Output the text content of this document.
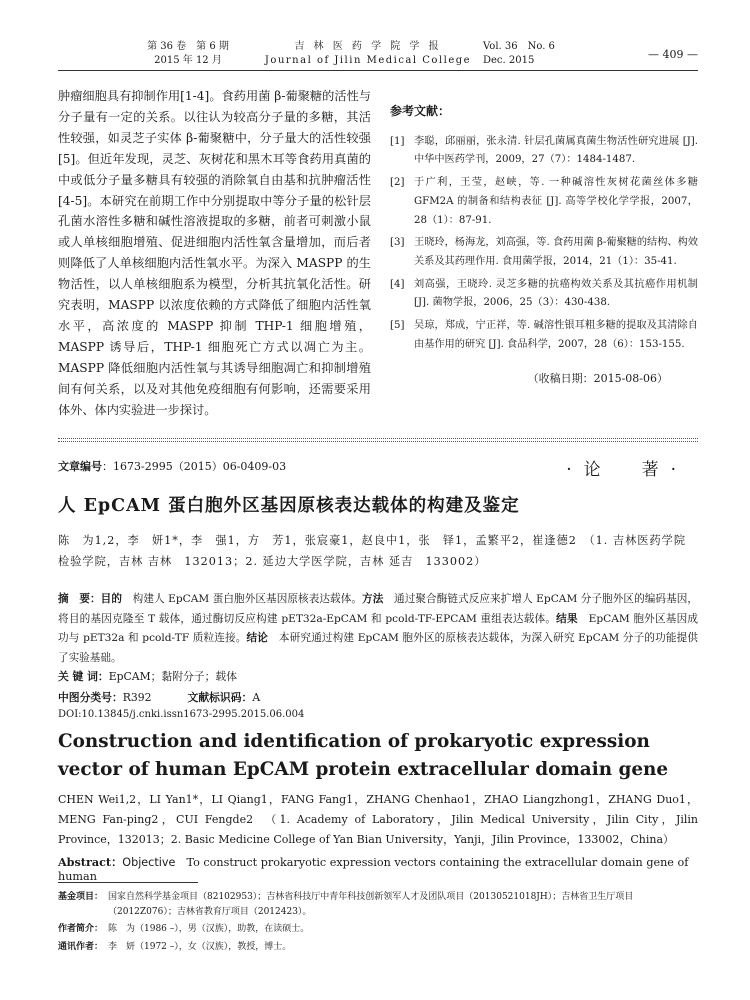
第 36 卷　第 6 期
2015 年 12 月
吉 林 医 药 学 院 学 报
Journal of Jilin Medical College
Vol. 36　No. 6
Dec. 2015	— 409 —

肿瘤细胞具有抑制作用[1-4]。食药用菌 β-葡聚糖的活性与分子量有一定的关系。以往认为较高分子量的多糖，其活性较强，如灵芝子实体 β-葡聚糖中，分子量大的活性较强[5]。但近年发现，灵芝、灰树花和黑木耳等食药用真菌的中或低分子量多糖具有较强的消除氧自由基和抗肿瘤活性[4-5]。本研究在前期工作中分别提取中等分子量的松针层孔菌水溶性多糖和碱性溶液提取的多糖，前者可刺激小鼠或人单核细胞增殖、促进细胞内活性氧含量增加，而后者则降低了人单核细胞内活性氧水平。为深入 MASPP 的生物活性，以人单核细胞系为模型，分析其抗氧化活性。研究表明，MASPP 以浓度依赖的方式降低了细胞内活性氧水平，高浓度的 MASPP 抑制 THP-1 细胞增殖，MASPP 诱导后，THP-1 细胞死亡方式以凋亡为主。MASPP 降低细胞内活性氧与其诱导细胞凋亡和抑制增殖间有何关系，以及对其他免疫细胞有何影响，还需要采用体外、体内实验进一步探讨。

参考文献：
[1] 李聪，邱丽丽，张永清. 针层孔菌属真菌生物活性研究进展 [J]. 中华中医药学刊，2009，27（7）：1484-1487.
[2] 于广利，王莹，赵峡，等. 一种碱溶性灰树花菌丝体多糖 GFM2A 的制备和结构表征 [J]. 高等学校化学学报，2007，28（1）：87-91.
[3] 王晓玲，杨海龙，刘高强，等. 食药用菌 β-葡聚糖的结构、构效关系及其药理作用. 食用菌学报，2014，21（1）：35-41.
[4] 刘高强，王晓玲. 灵芝多糖的抗癌构效关系及其抗癌作用机制 [J]. 菌物学报，2006，25（3）：430-438.
[5] 吴琼，郑成，宁正祥，等. 碱溶性银耳粗多糖的提取及其清除自由基作用的研究 [J]. 食品科学，2007，28（6）：153-155.
（收稿日期：2015-08-06）
文章编号：1673-2995（2015）06-0409-03	·论　著·
人 EpCAM 蛋白胞外区基因原核表达载体的构建及鉴定
陈　为1,2，李　妍1*，李　强1，方　芳1，张宸豪1，赵良中1，张　铎1，孟繁平2，崔逢德2　（1. 吉林医药学院检验学院，吉林 吉林　132013；2. 延边大学医学院，吉林 延吉　133002）
摘　要：目的　构建人 EpCAM 蛋白胞外区基因原核表达载体。方法　通过聚合酶链式反应来扩增人 EpCAM 分子胞外区的编码基因，将目的基因克隆至 T 载体，通过酶切反应构建 pET32a-EpCAM 和 pcold-TF-EPCAM 重组表达载体。结果　EpCAM 胞外区基因成功与 pET32a 和 pcold-TF 质粒连接。结论　本研究通过构建 EpCAM 胞外区的原核表达载体，为深入研究 EpCAM 分子的功能提供了实验基础。
关 键 词：EpCAM；黏附分子；载体
中图分类号：R392	文献标识码：A
DOI:10.13845/j.cnki.issn1673-2995.2015.06.004
Construction and identification of prokaryotic expression vector of human EpCAM protein extracellular domain gene
CHEN Wei1,2，LI Yan1*，LI Qiang1，FANG Fang1，ZHANG Chenhao1，ZHAO Liangzhong1，ZHANG Duo1，MENG Fan-ping2，CUI Fengde2　（1. Academy of Laboratory，Jilin Medical University，Jilin City，Jilin Province，132013；2. Basic Medicine College of Yan Bian University，Yanji，Jilin Province，133002，China）
Abstract：Objective　To construct prokaryotic expression vectors containing the extracellular domain gene of human
基金项目： 国家自然科学基金项目（82102953）；吉林省科技厅中青年科技创新领军人才及团队项目（20130521018JH）；吉林省卫生厅项目（2012Z076）；吉林省教育厅项目（2012423）。
作者简介： 陈　为（1986 –），男（汉族），助教，在读硕士。
通讯作者： 李　妍（1972 –），女（汉族），教授，博士。
